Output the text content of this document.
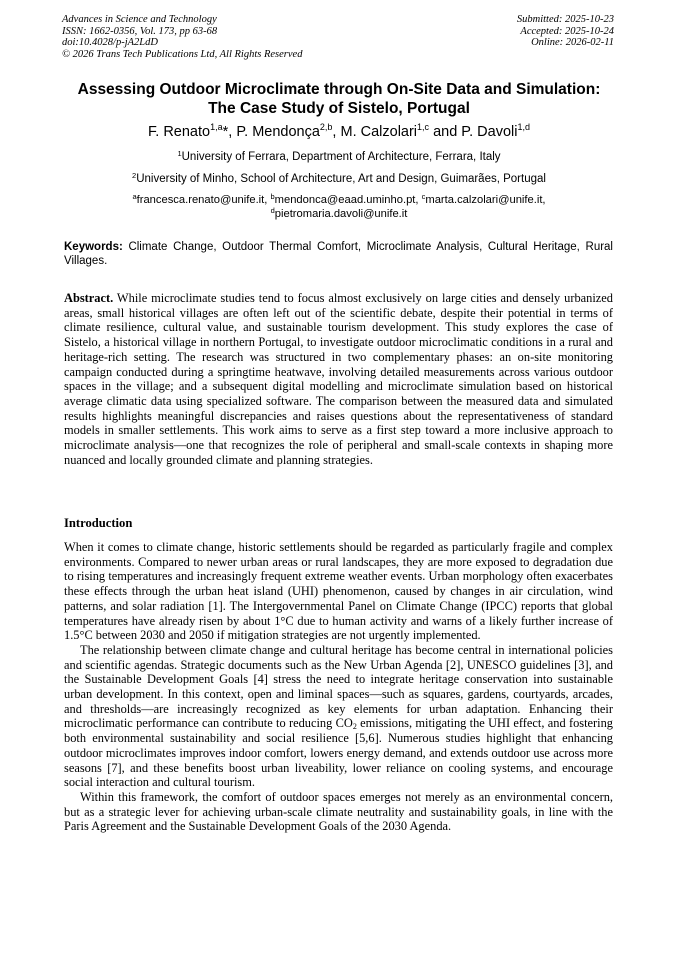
Advances in Science and Technology
ISSN: 1662-0356, Vol. 173, pp 63-68
doi:10.4028/p-jA2LdD
© 2026 Trans Tech Publications Ltd, All Rights Reserved
Submitted: 2025-10-23
Accepted: 2025-10-24
Online: 2026-02-11
Assessing Outdoor Microclimate through On-Site Data and Simulation:
The Case Study of Sistelo, Portugal
F. Renato$^{1,a}$*, P. Mendonça$^{2,b}$, M. Calzolari$^{1,c}$ and P. Davoli$^{1,d}$
$^1$University of Ferrara, Department of Architecture, Ferrara, Italy
$^2$University of Minho, School of Architecture, Art and Design, Guimarães, Portugal
$^a$francesca.renato@unife.it, $^b$mendonca@eaad.uminho.pt, $^c$marta.calzolari@unife.it,
$^d$pietromaria.davoli@unife.it
Keywords: Climate Change, Outdoor Thermal Comfort, Microclimate Analysis, Cultural Heritage, Rural Villages.
Abstract. While microclimate studies tend to focus almost exclusively on large cities and densely urbanized areas, small historical villages are often left out of the scientific debate, despite their potential in terms of climate resilience, cultural value, and sustainable tourism development. This study explores the case of Sistelo, a historical village in northern Portugal, to investigate outdoor microclimatic conditions in a rural and heritage-rich setting. The research was structured in two complementary phases: an on-site monitoring campaign conducted during a springtime heatwave, involving detailed measurements across various outdoor spaces in the village; and a subsequent digital modelling and microclimate simulation based on historical average climatic data using specialized software. The comparison between the measured data and simulated results highlights meaningful discrepancies and raises questions about the representativeness of standard models in smaller settlements. This work aims to serve as a first step toward a more inclusive approach to microclimate analysis—one that recognizes the role of peripheral and small-scale contexts in shaping more nuanced and locally grounded climate and planning strategies.
Introduction

When it comes to climate change, historic settlements should be regarded as particularly fragile and complex environments. Compared to newer urban areas or rural landscapes, they are more exposed to degradation due to rising temperatures and increasingly frequent extreme weather events. Urban morphology often exacerbates these effects through the urban heat island (UHI) phenomenon, caused by changes in air circulation, wind patterns, and solar radiation [1]. The Intergovernmental Panel on Climate Change (IPCC) reports that global temperatures have already risen by about 1°C due to human activity and warns of a likely further increase of 1.5°C between 2030 and 2050 if mitigation strategies are not urgently implemented.

The relationship between climate change and cultural heritage has become central in international policies and scientific agendas. Strategic documents such as the New Urban Agenda [2], UNESCO guidelines [3], and the Sustainable Development Goals [4] stress the need to integrate heritage conservation into sustainable urban development. In this context, open and liminal spaces—such as squares, gardens, courtyards, arcades, and thresholds—are increasingly recognized as key elements for urban adaptation. Enhancing their microclimatic performance can contribute to reducing $CO_2$ emissions, mitigating the UHI effect, and fostering both environmental sustainability and social resilience [5,6]. Numerous studies highlight that enhancing outdoor microclimates improves indoor comfort, lowers energy demand, and extends outdoor use across more seasons [7], and these benefits boost urban liveability, lower reliance on cooling systems, and encourage social interaction and cultural tourism.

Within this framework, the comfort of outdoor spaces emerges not merely as an environmental concern, but as a strategic lever for achieving urban-scale climate neutrality and sustainability goals, in line with the Paris Agreement and the Sustainable Development Goals of the 2030 Agenda.
